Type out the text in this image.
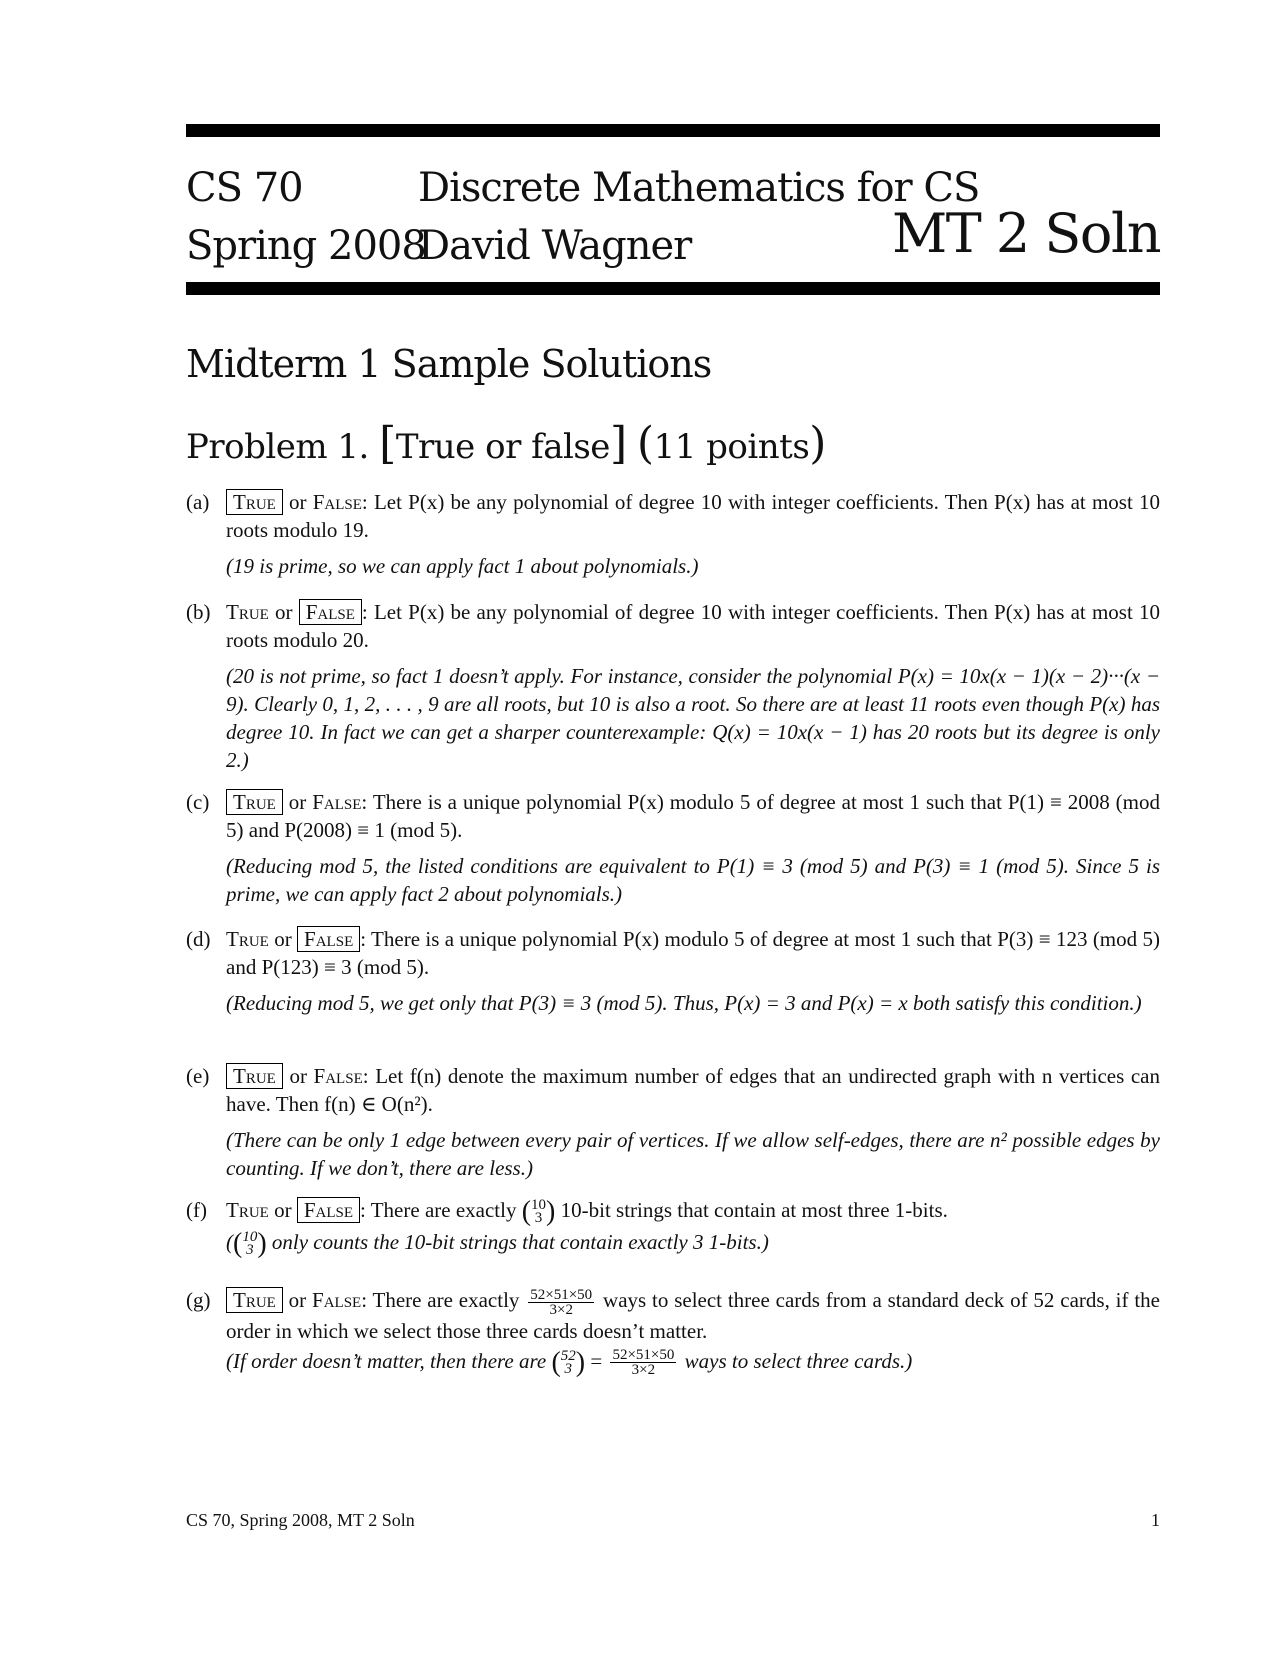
CS 70
Spring 2008
Discrete Mathematics for CS
David Wagner	MT 2 Soln
Midterm 1 Sample Solutions
Problem 1. [True or false] (11 points)
(a)	True or False: Let P(x) be any polynomial of degree 10 with integer coefficients. Then P(x) has at most 10 roots modulo 19.
(19 is prime, so we can apply fact 1 about polynomials.)
(b) True or False : Let P(x) be any polynomial of degree 10 with integer coefficients. Then P(x) has at most 10 roots modulo 20.
(20 is not prime, so fact 1 doesn’t apply. For instance, consider the polynomial P(x) = 10x(x − 1)(x − 2)···(x − 9). Clearly 0, 1, 2, . . . , 9 are all roots, but 10 is also a root. So there are at least 11 roots even though P(x) has degree 10. In fact we can get a sharper counterexample: Q(x) = 10x(x − 1) has 20 roots but its degree is only 2.)
(c)	True or False: There is a unique polynomial P(x) modulo 5 of degree at most 1 such that P(1) ≡ 2008 (mod 5) and P(2008) ≡ 1 (mod 5).
(Reducing mod 5, the listed conditions are equivalent to P(1) ≡ 3 (mod 5) and P(3) ≡ 1 (mod 5). Since 5 is prime, we can apply fact 2 about polynomials.)
(d) True or False : There is a unique polynomial P(x) modulo 5 of degree at most 1 such that P(3) ≡ 123 (mod 5) and P(123) ≡ 3 (mod 5).
(Reducing mod 5, we get only that P(3) ≡ 3 (mod 5). Thus, P(x) = 3 and P(x) = x both satisfy this condition.)
(e)	True or False: Let f(n) denote the maximum number of edges that an undirected graph with n vertices can have. Then f(n) ∈ O(n²).
(There can be only 1 edge between every pair of vertices. If we allow self-edges, there are n² possible edges by counting. If we don’t, there are less.)
(f) True or False : There are exactly ( 10
3 ) 10-bit strings that contain at most three 1-bits.
(( 10
3 ) only counts the 10-bit strings that contain exactly 3 1-bits.)
(g)	True or False: There are exactly $\frac{52\times 51\times 50}{3\times 2}$ ways to select three cards from a standard deck of 52 cards, if the order in which we select those three cards doesn’t matter.
(If order doesn’t matter, then there are ( 52
3 ) = $\frac{52\times 51\times 50}{3\times 2}$ ways to select three cards.)
CS 70, Spring 2008, MT 2 Soln	1
